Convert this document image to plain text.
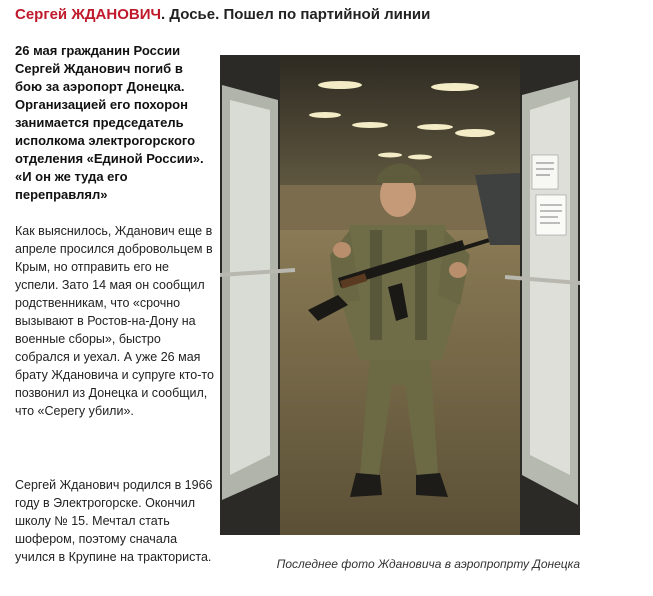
Сергей ЖДАНОВИЧ. Досье. Пошел по партийной линии
26 мая гражданин России Сергей Жданович погиб в бою за аэропорт Донецка. Организацией его похорон занимается председатель исполкома электрогорского отделения «Единой России». «И он же туда его переправлял»
Как выяснилось, Жданович еще в апреле просился добровольцем в Крым, но отправить его не успели. Зато 14 мая он сообщил родственникам, что «срочно вызывают в Ростов-на-Дону на военные сборы», быстро собрался и уехал. А уже 26 мая брату Ждановича и супруге кто-то позвонил из Донецка и сообщил, что «Серегу убили».
Сергей Жданович родился в 1966 году в Электрогорске. Окончил школу № 15. Мечтал стать шофером, поэтому сначала учился в Крупине на тракториста.	Последнее фото Ждановича в аэропропрту Донецка
